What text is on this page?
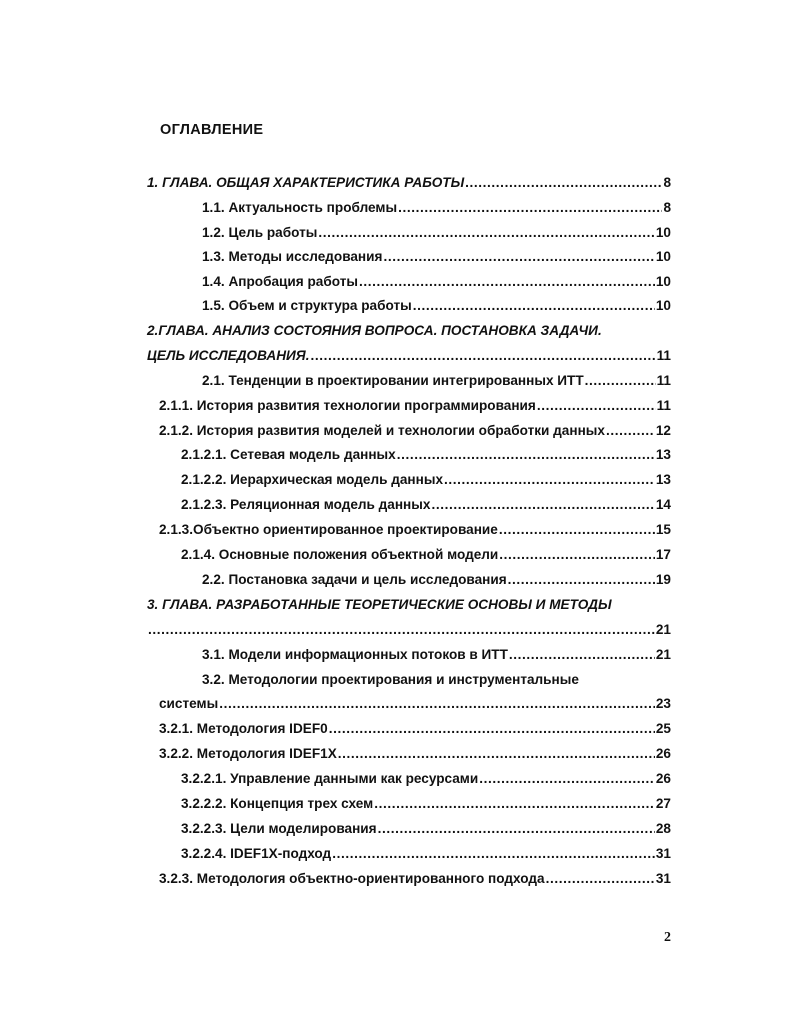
ОГЛАВЛЕНИЕ
1. ГЛАВА. ОБЩАЯ ХАРАКТЕРИСТИКА РАБОТЫ .....	8
1.1. Актуальность проблемы .....	8
1.2. Цель работы .....	10
1.3. Методы исследования .....	10
1.4. Апробация работы .....	10
1.5. Объем и структура работы .....	10
2.ГЛАВА. АНАЛИЗ СОСТОЯНИЯ ВОПРОСА. ПОСТАНОВКА ЗАДАЧИ.
ЦЕЛЬ ИССЛЕДОВАНИЯ. .....	11
2.1. Тенденции в проектировании интегрированных ИТТ .....	11
2.1.1. История развития технологии программирования .....	11
2.1.2. История развития моделей и технологии обработки данных .....	12
2.1.2.1. Сетевая модель данных .....	13
2.1.2.2. Иерархическая модель данных .....	13
2.1.2.3. Реляционная модель данных .....	14
2.1.3.Объектно ориентированное проектирование .....	15
2.1.4. Основные положения объектной модели .....	17
2.2. Постановка задачи и цель исследования .....	19
3. ГЛАВА. РАЗРАБОТАННЫЕ ТЕОРЕТИЧЕСКИЕ ОСНОВЫ И МЕТОДЫ
.....
21
3.1. Модели информационных потоков в ИТТ .....	21
3.2. Методологии проектирования и инструментальные
системы .....	23
3.2.1. Методология IDEF0 .....	25
3.2.2. Методология IDEF1X .....	26
3.2.2.1. Управление данными как ресурсами .....	26
3.2.2.2. Концепция трех схем .....	27
3.2.2.3. Цели моделирования .....	28
3.2.2.4. IDEF1X-подход .....	31
3.2.3. Методология объектно-ориентированного подхода .....	31
2
